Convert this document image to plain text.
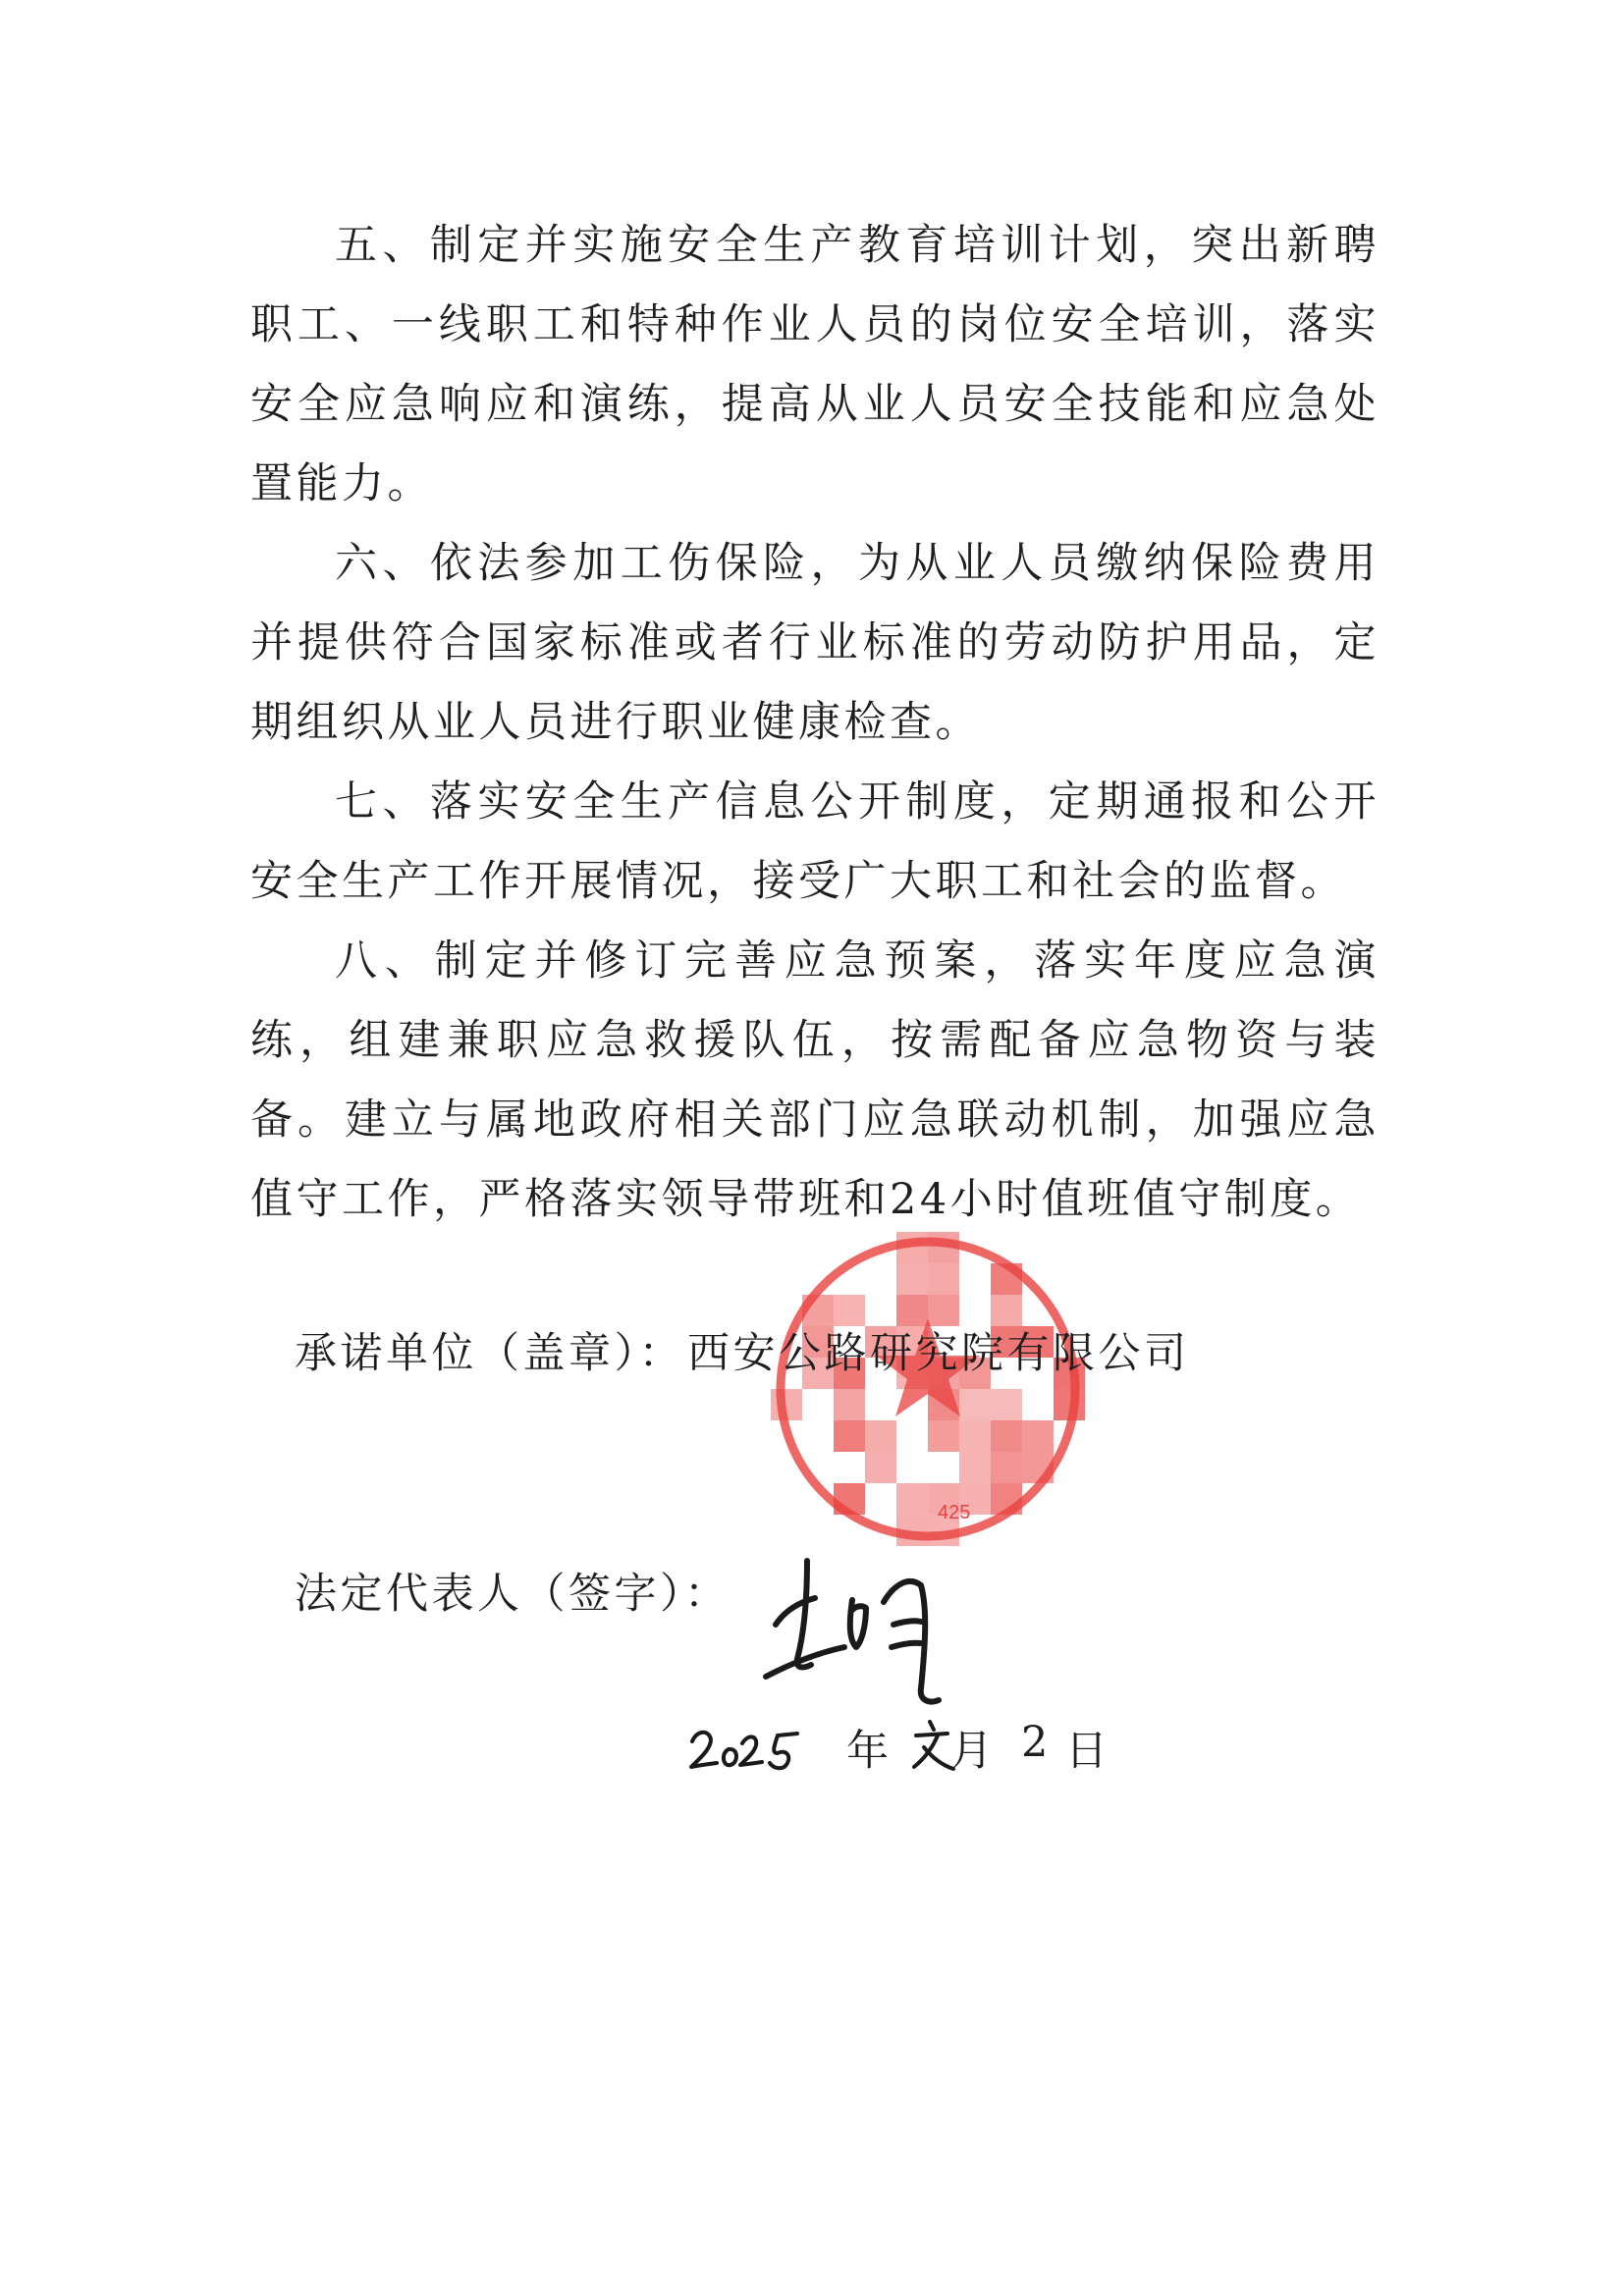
五、制定并实施安全生产教育培训计划，突出新聘职工、一线职工和特种作业人员的岗位安全培训，落实安全应急响应和演练，提高从业人员安全技能和应急处置能力。

六、依法参加工伤保险，为从业人员缴纳保险费用并提供符合国家标准或者行业标准的劳动防护用品，定期组织从业人员进行职业健康检查。

七、落实安全生产信息公开制度，定期通报和公开安全生产工作开展情况，接受广大职工和社会的监督。

八、制定并修订完善应急预案，落实年度应急演练，组建兼职应急救援队伍，按需配备应急物资与装备。建立与属地政府相关部门应急联动机制，加强应急值守工作，严格落实领导带班和24小时值班值守制度。

425
承诺单位（盖章）： 西安公路研究院有限公司
法定代表人（签字）：
年 月 2 日
